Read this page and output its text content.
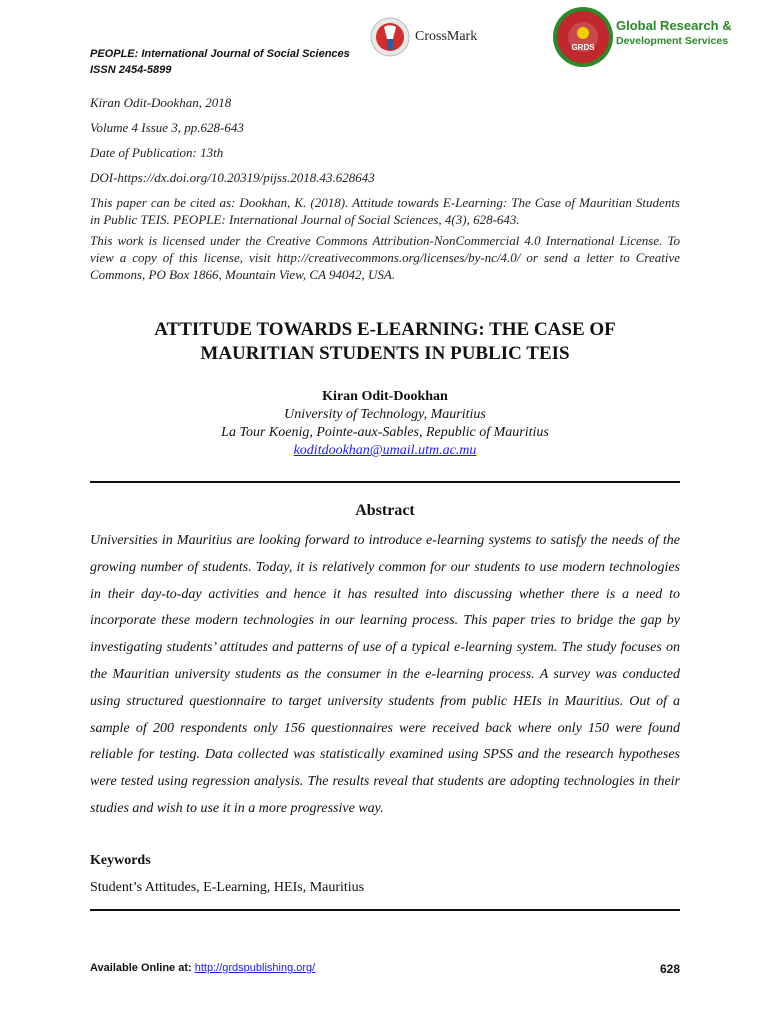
PEOPLE: International Journal of Social Sciences
ISSN 2454-5899
CrossMark
GRDS
Global Research &
Development Services
Kiran Odit-Dookhan, 2018
Volume 4 Issue 3, pp.628-643
Date of Publication: 13th
DOI-https://dx.doi.org/10.20319/pijss.2018.43.628643
This paper can be cited as: Dookhan, K. (2018). Attitude towards E-Learning: The Case of Mauritian Students in Public TEIS. PEOPLE: International Journal of Social Sciences, 4(3), 628-643.
This work is licensed under the Creative Commons Attribution-NonCommercial 4.0 International License. To view a copy of this license, visit http://creativecommons.org/licenses/by-nc/4.0/ or send a letter to Creative Commons, PO Box 1866, Mountain View, CA 94042, USA.
ATTITUDE TOWARDS E-LEARNING: THE CASE OF
MAURITIAN STUDENTS IN PUBLIC TEIS
Kiran Odit-Dookhan
University of Technology, Mauritius
La Tour Koenig, Pointe-aux-Sables, Republic of Mauritius
koditdookhan@umail.utm.ac.mu
Abstract
Universities in Mauritius are looking forward to introduce e-learning systems to satisfy the needs of the growing number of students. Today, it is relatively common for our students to use modern technologies in their day-to-day activities and hence it has resulted into discussing whether there is a need to incorporate these modern technologies in our learning process. This paper tries to bridge the gap by investigating students’ attitudes and patterns of use of a typical e-learning system. The study focuses on the Mauritian university students as the consumer in the e-learning process. A survey was conducted using structured questionnaire to target university students from public HEIs in Mauritius. Out of a sample of 200 respondents only 156 questionnaires were received back where only 150 were found reliable for testing. Data collected was statistically examined using SPSS and the research hypotheses were tested using regression analysis. The results reveal that students are adopting technologies in their studies and wish to use it in a more progressive way.
Keywords
Student’s Attitudes, E-Learning, HEIs, Mauritius
Available Online at: http://grdspublishing.org/	628
